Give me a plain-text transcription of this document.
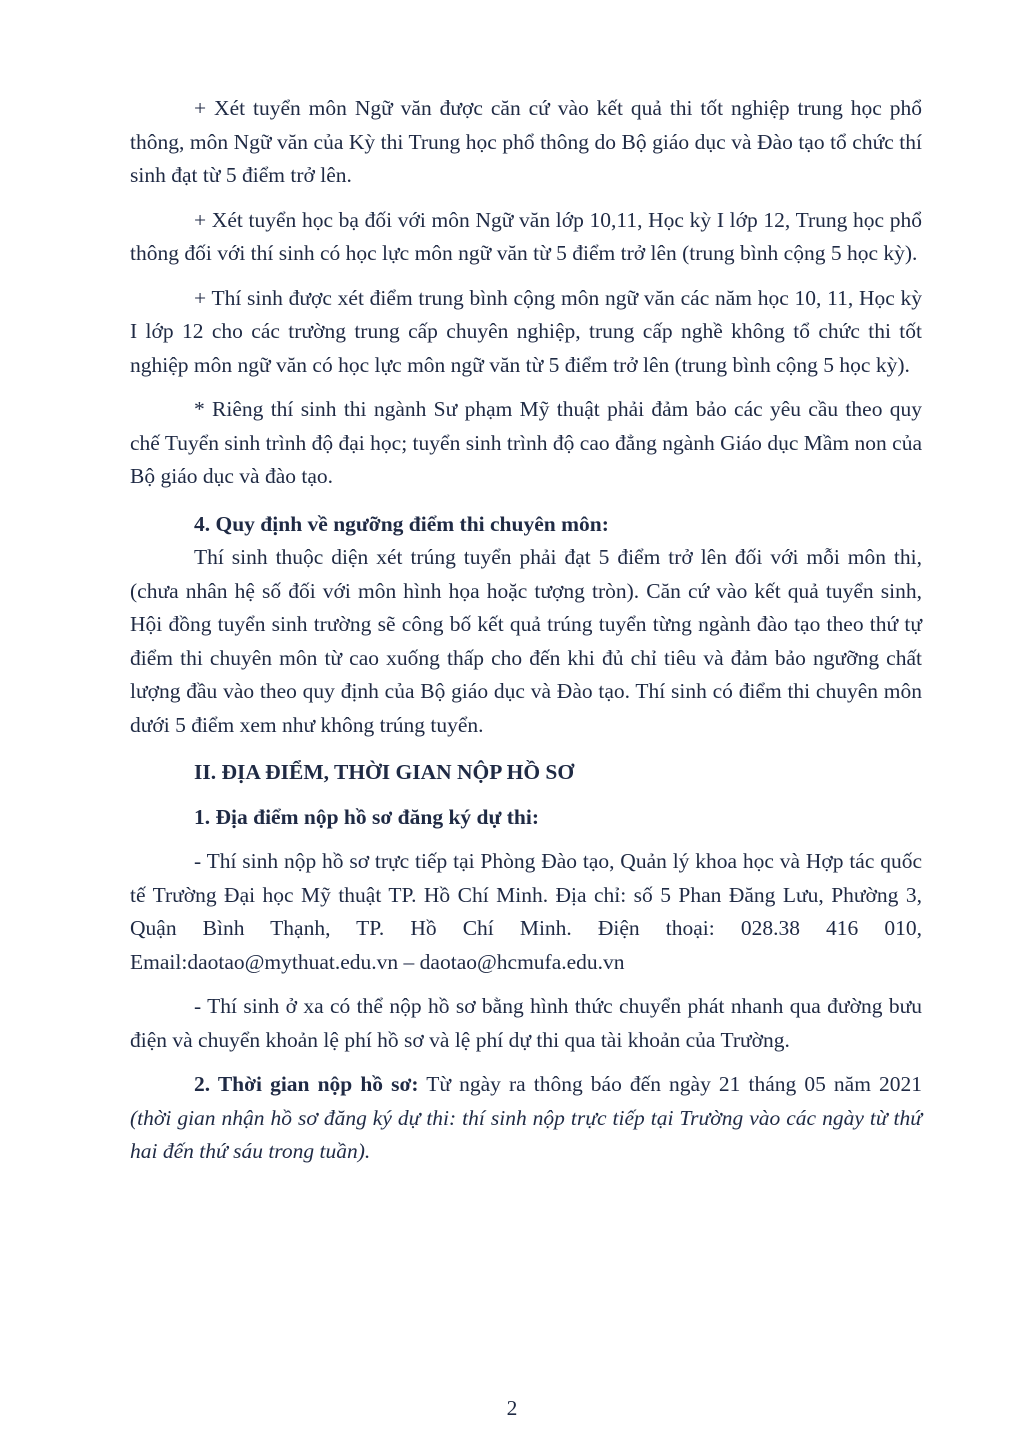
+ Xét tuyển môn Ngữ văn được căn cứ vào kết quả thi tốt nghiệp trung học phổ thông, môn Ngữ văn của Kỳ thi Trung học phổ thông do Bộ giáo dục và Đào tạo tổ chức thí sinh đạt từ 5 điểm trở lên.

+ Xét tuyển học bạ đối với môn Ngữ văn lớp 10,11, Học kỳ I lớp 12, Trung học phổ thông đối với thí sinh có học lực môn ngữ văn từ 5 điểm trở lên (trung bình cộng 5 học kỳ).

+ Thí sinh được xét điểm trung bình cộng môn ngữ văn các năm học 10, 11, Học kỳ I lớp 12 cho các trường trung cấp chuyên nghiệp, trung cấp nghề không tổ chức thi tốt nghiệp môn ngữ văn có học lực môn ngữ văn từ 5 điểm trở lên (trung bình cộng 5 học kỳ).

* Riêng thí sinh thi ngành Sư phạm Mỹ thuật phải đảm bảo các yêu cầu theo quy chế Tuyển sinh trình độ đại học; tuyển sinh trình độ cao đẳng ngành Giáo dục Mầm non của Bộ giáo dục và đào tạo.

4. Quy định về ngưỡng điểm thi chuyên môn:

Thí sinh thuộc diện xét trúng tuyển phải đạt 5 điểm trở lên đối với mỗi môn thi, (chưa nhân hệ số đối với môn hình họa hoặc tượng tròn). Căn cứ vào kết quả tuyển sinh, Hội đồng tuyển sinh trường sẽ công bố kết quả trúng tuyển từng ngành đào tạo theo thứ tự điểm thi chuyên môn từ cao xuống thấp cho đến khi đủ chỉ tiêu và đảm bảo ngưỡng chất lượng đầu vào theo quy định của Bộ giáo dục và Đào tạo. Thí sinh có điểm thi chuyên môn dưới 5 điểm xem như không trúng tuyển.

II. ĐỊA ĐIỂM, THỜI GIAN NỘP HỒ SƠ

1. Địa điểm nộp hồ sơ đăng ký dự thi:

- Thí sinh nộp hồ sơ trực tiếp tại Phòng Đào tạo, Quản lý khoa học và Hợp tác quốc tế Trường Đại học Mỹ thuật TP. Hồ Chí Minh. Địa chỉ: số 5 Phan Đăng Lưu, Phường 3, Quận Bình Thạnh, TP. Hồ Chí Minh. Điện thoại: 028.38 416 010, Email:daotao@mythuat.edu.vn – daotao@hcmufa.edu.vn

- Thí sinh ở xa có thể nộp hồ sơ bằng hình thức chuyển phát nhanh qua đường bưu điện và chuyển khoản lệ phí hồ sơ và lệ phí dự thi qua tài khoản của Trường.

2. Thời gian nộp hồ sơ: Từ ngày ra thông báo đến ngày 21 tháng 05 năm 2021 (thời gian nhận hồ sơ đăng ký dự thi: thí sinh nộp trực tiếp tại Trường vào các ngày từ thứ hai đến thứ sáu trong tuần).

2
